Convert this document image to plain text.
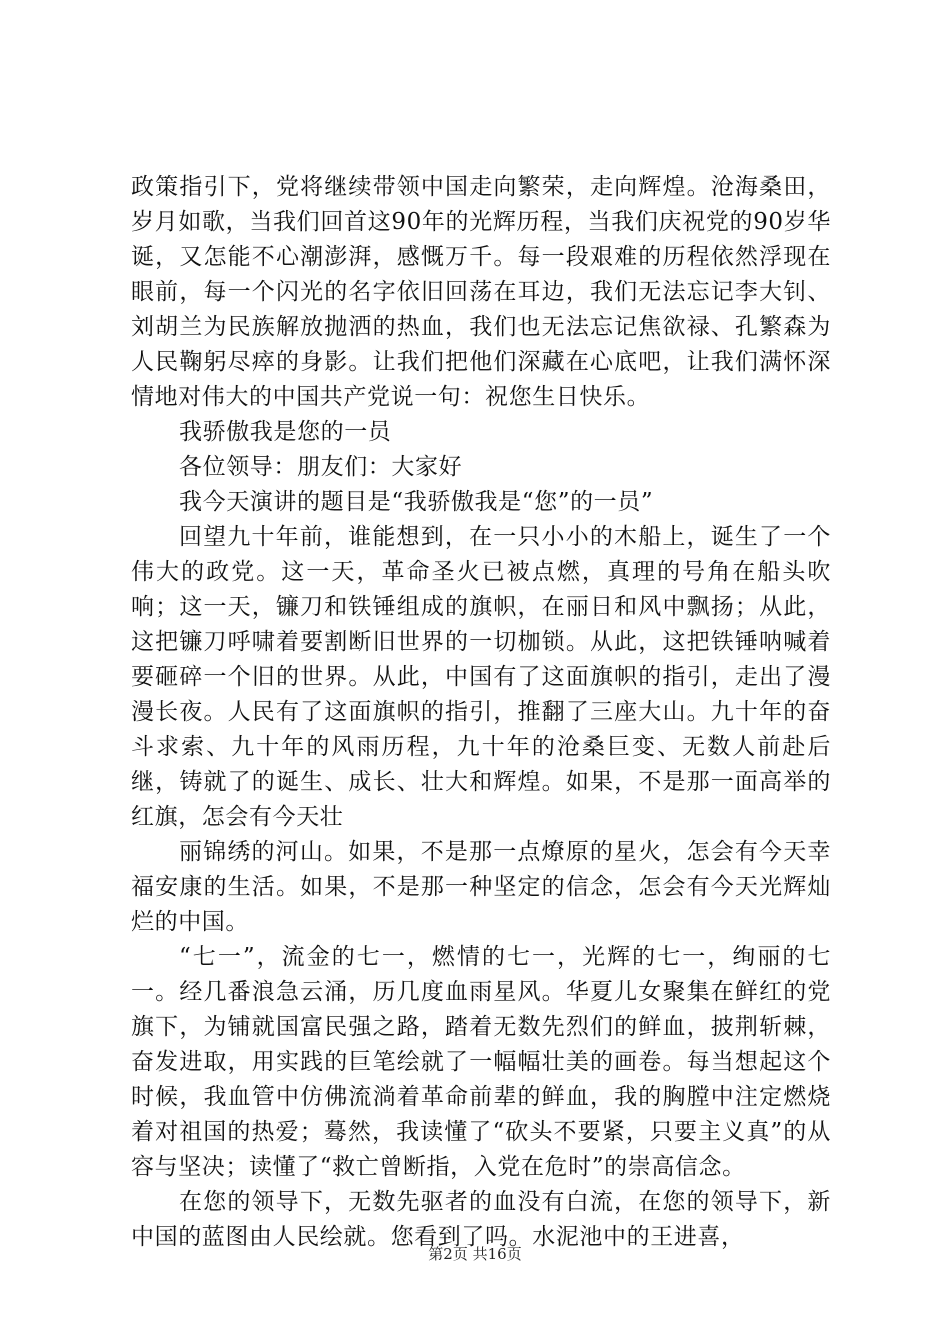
政策指引下，党将继续带领中国走向繁荣，走向辉煌。沧海桑田，岁月如歌，当我们回首这90年的光辉历程，当我们庆祝党的90岁华诞，又怎能不心潮澎湃，感慨万千。每一段艰难的历程依然浮现在眼前，每一个闪光的名字依旧回荡在耳边，我们无法忘记李大钊、刘胡兰为民族解放抛洒的热血，我们也无法忘记焦欲禄、孔繁森为人民鞠躬尽瘁的身影。让我们把他们深藏在心底吧，让我们满怀深情地对伟大的中国共产党说一句：祝您生日快乐。

我骄傲我是您的一员

各位领导：朋友们：大家好

我今天演讲的题目是“我骄傲我是“您”的一员”

回望九十年前，谁能想到，在一只小小的木船上，诞生了一个伟大的政党。这一天，革命圣火已被点燃，真理的号角在船头吹响；这一天，镰刀和铁锤组成的旗帜，在丽日和风中飘扬；从此，这把镰刀呼啸着要割断旧世界的一切枷锁。从此，这把铁锤呐喊着要砸碎一个旧的世界。从此，中国有了这面旗帜的指引，走出了漫漫长夜。人民有了这面旗帜的指引，推翻了三座大山。九十年的奋斗求索、九十年的风雨历程，九十年的沧桑巨变、无数人前赴后继，铸就了的诞生、成长、壮大和辉煌。如果，不是那一面高举的红旗，怎会有今天壮

丽锦绣的河山。如果，不是那一点燎原的星火，怎会有今天幸福安康的生活。如果，不是那一种坚定的信念，怎会有今天光辉灿烂的中国。

“七一”，流金的七一，燃情的七一，光辉的七一，绚丽的七一。经几番浪急云涌，历几度血雨星风。华夏儿女聚集在鲜红的党旗下，为铺就国富民强之路，踏着无数先烈们的鲜血，披荆斩棘，奋发进取，用实践的巨笔绘就了一幅幅壮美的画卷。每当想起这个时候，我血管中仿佛流淌着革命前辈的鲜血，我的胸膛中注定燃烧着对祖国的热爱；蓦然，我读懂了“砍头不要紧，只要主义真”的从容与坚决；读懂了“救亡曾断指，入党在危时”的崇高信念。

在您的领导下，无数先驱者的血没有白流，在您的领导下，新中国的蓝图由人民绘就。您看到了吗。水泥池中的王进喜，

第2页 共16页
